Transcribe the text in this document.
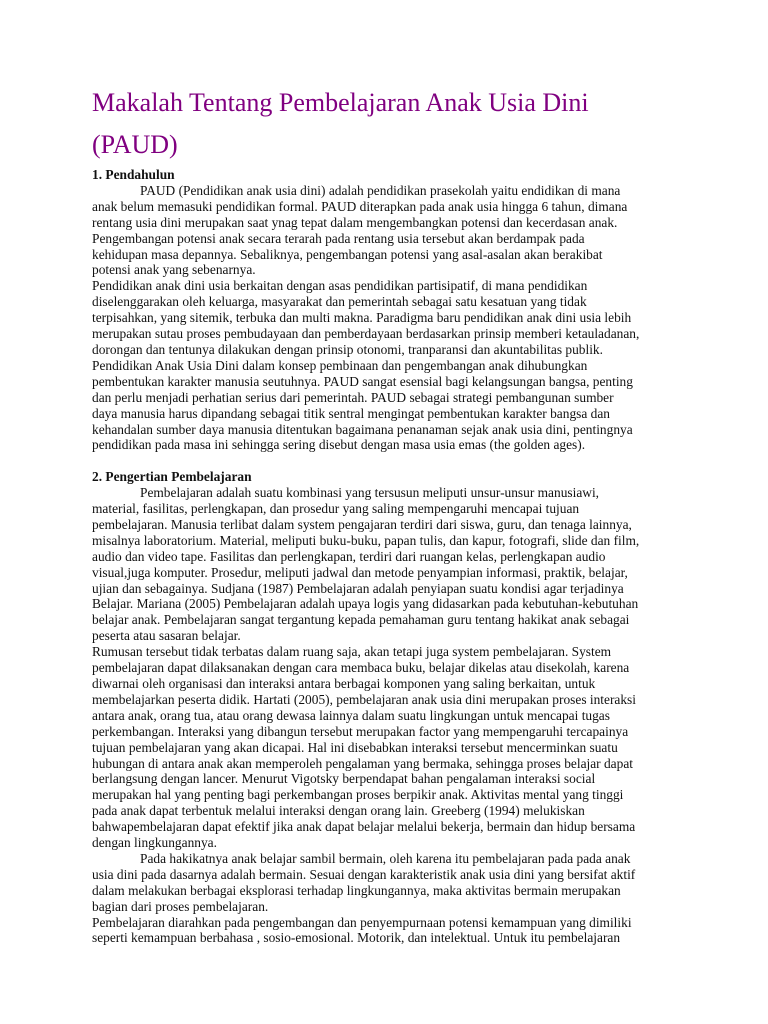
Makalah Tentang Pembelajaran Anak Usia Dini
(PAUD)
1. Pendahulun
PAUD (Pendidikan anak usia dini) adalah pendidikan prasekolah yaitu endidikan di mana
anak belum memasuki pendidikan formal. PAUD diterapkan pada anak usia hingga 6 tahun, dimana
rentang usia dini merupakan saat ynag tepat dalam mengembangkan potensi dan kecerdasan anak.
Pengembangan potensi anak secara terarah pada rentang usia tersebut akan berdampak pada
kehidupan masa depannya. Sebaliknya, pengembangan potensi yang asal-asalan akan berakibat
potensi anak yang sebenarnya.
Pendidikan anak dini usia berkaitan dengan asas pendidikan partisipatif, di mana pendidikan
diselenggarakan oleh keluarga, masyarakat dan pemerintah sebagai satu kesatuan yang tidak
terpisahkan, yang sitemik, terbuka dan multi makna. Paradigma baru pendidikan anak dini usia lebih
merupakan sutau proses pembudayaan dan pemberdayaan berdasarkan prinsip memberi ketauladanan,
dorongan dan tentunya dilakukan dengan prinsip otonomi, tranparansi dan akuntabilitas publik.
Pendidikan Anak Usia Dini dalam konsep pembinaan dan pengembangan anak dihubungkan
pembentukan karakter manusia seutuhnya. PAUD sangat esensial bagi kelangsungan bangsa, penting
dan perlu menjadi perhatian serius dari pemerintah. PAUD sebagai strategi pembangunan sumber
daya manusia harus dipandang sebagai titik sentral mengingat pembentukan karakter bangsa dan
kehandalan sumber daya manusia ditentukan bagaimana penanaman sejak anak usia dini, pentingnya
pendidikan pada masa ini sehingga sering disebut dengan masa usia emas (the golden ages).
2. Pengertian Pembelajaran
Pembelajaran adalah suatu kombinasi yang tersusun meliputi unsur-unsur manusiawi,
material, fasilitas, perlengkapan, dan prosedur yang saling mempengaruhi mencapai tujuan
pembelajaran. Manusia terlibat dalam system pengajaran terdiri dari siswa, guru, dan tenaga lainnya,
misalnya laboratorium. Material, meliputi buku-buku, papan tulis, dan kapur, fotografi, slide dan film,
audio dan video tape. Fasilitas dan perlengkapan, terdiri dari ruangan kelas, perlengkapan audio
visual,juga komputer. Prosedur, meliputi jadwal dan metode penyampian informasi, praktik, belajar,
ujian dan sebagainya. Sudjana (1987) Pembelajaran adalah penyiapan suatu kondisi agar terjadinya
Belajar. Mariana (2005) Pembelajaran adalah upaya logis yang didasarkan pada kebutuhan-kebutuhan
belajar anak. Pembelajaran sangat tergantung kepada pemahaman guru tentang hakikat anak sebagai
peserta atau sasaran belajar.
Rumusan tersebut tidak terbatas dalam ruang saja, akan tetapi juga system pembelajaran. System
pembelajaran dapat dilaksanakan dengan cara membaca buku, belajar dikelas atau disekolah, karena
diwarnai oleh organisasi dan interaksi antara berbagai komponen yang saling berkaitan, untuk
membelajarkan peserta didik. Hartati (2005), pembelajaran anak usia dini merupakan proses interaksi
antara anak, orang tua, atau orang dewasa lainnya dalam suatu lingkungan untuk mencapai tugas
perkembangan. Interaksi yang dibangun tersebut merupakan factor yang mempengaruhi tercapainya
tujuan pembelajaran yang akan dicapai. Hal ini disebabkan interaksi tersebut mencerminkan suatu
hubungan di antara anak akan memperoleh pengalaman yang bermaka, sehingga proses belajar dapat
berlangsung dengan lancer. Menurut Vigotsky berpendapat bahan pengalaman interaksi social
merupakan hal yang penting bagi perkembangan proses berpikir anak. Aktivitas mental yang tinggi
pada anak dapat terbentuk melalui interaksi dengan orang lain. Greeberg (1994) melukiskan
bahwapembelajaran dapat efektif jika anak dapat belajar melalui bekerja, bermain dan hidup bersama
dengan lingkungannya.
Pada hakikatnya anak belajar sambil bermain, oleh karena itu pembelajaran pada pada anak
usia dini pada dasarnya adalah bermain. Sesuai dengan karakteristik anak usia dini yang bersifat aktif
dalam melakukan berbagai eksplorasi terhadap lingkungannya, maka aktivitas bermain merupakan
bagian dari proses pembelajaran.
Pembelajaran diarahkan pada pengembangan dan penyempurnaan potensi kemampuan yang dimiliki
seperti kemampuan berbahasa , sosio-emosional. Motorik, dan intelektual. Untuk itu pembelajaran
